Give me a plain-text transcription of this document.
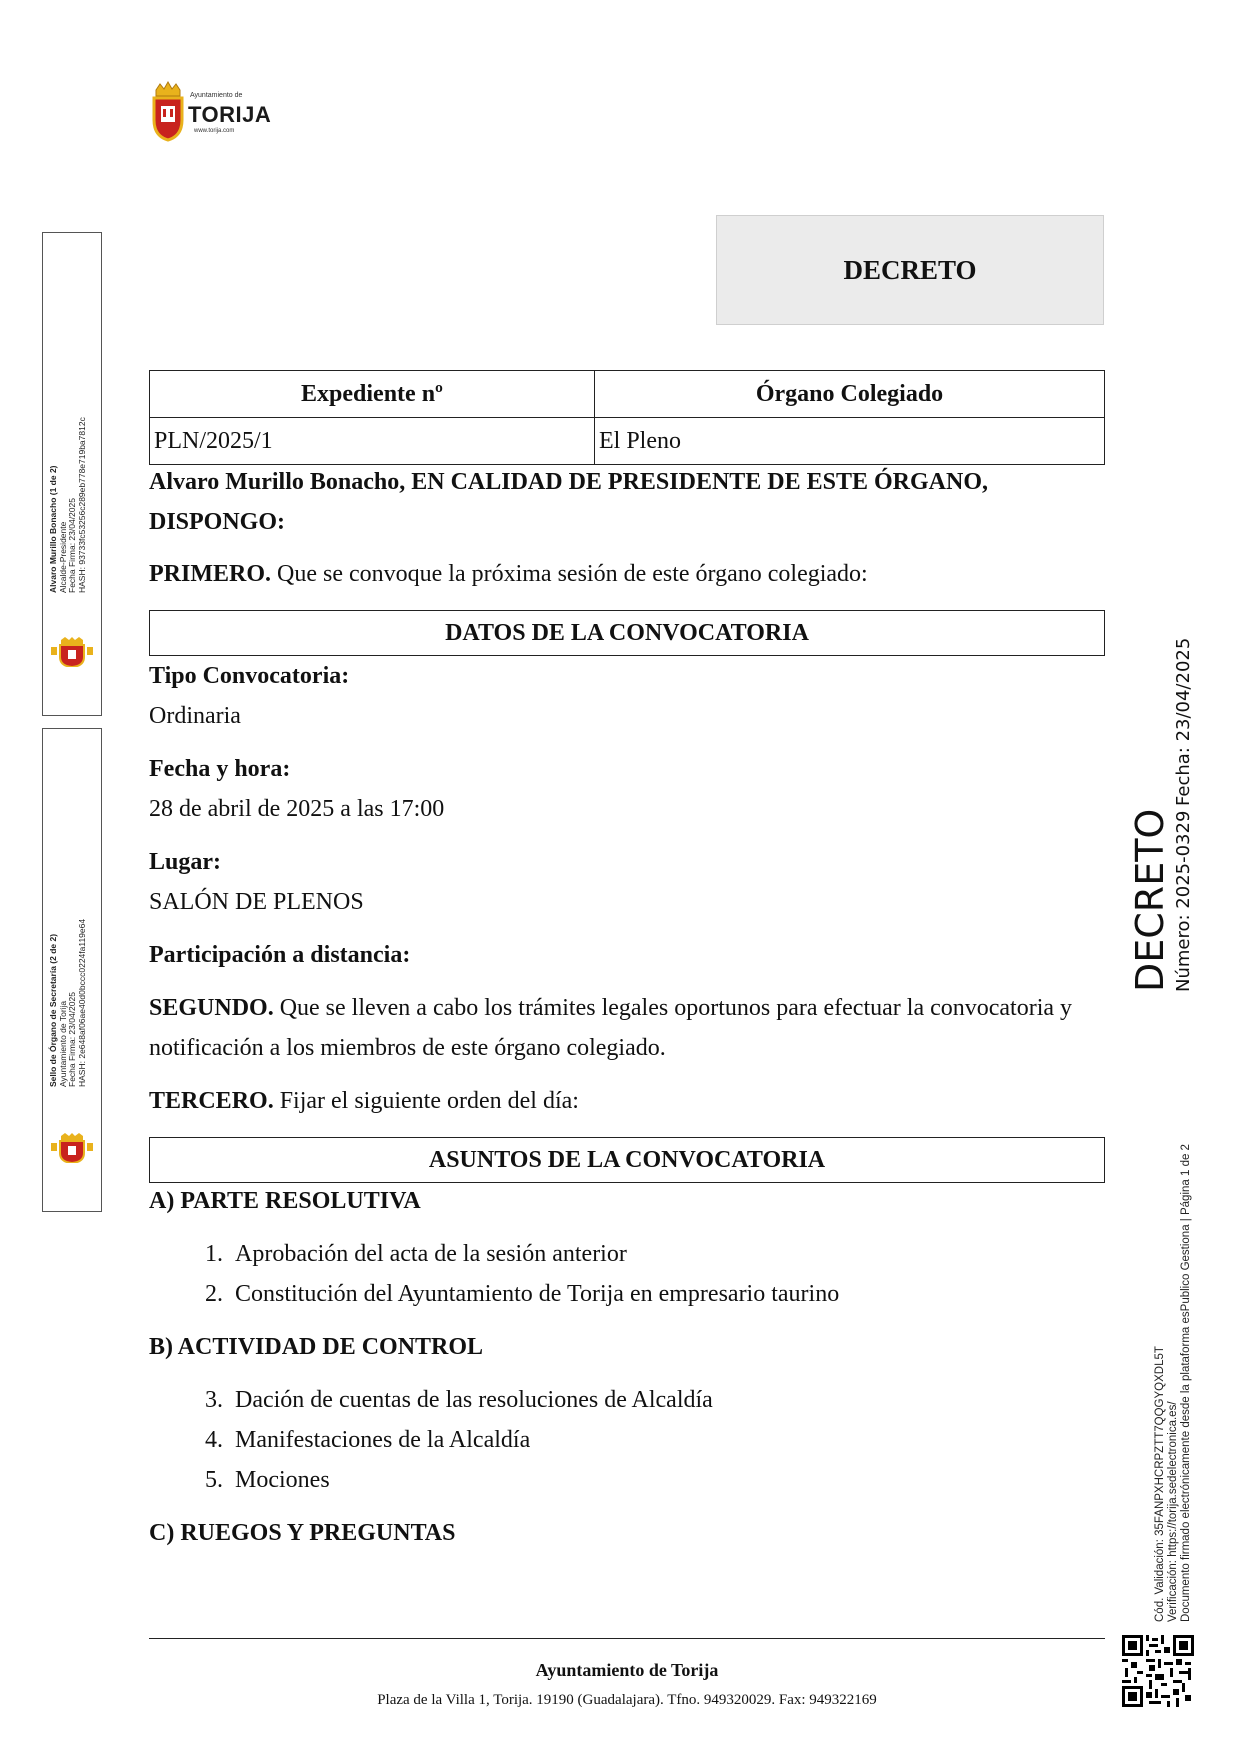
Ayuntamiento de
TORIJA
www.torija.com
DECRETO
Expediente nº	Órgano Colegiado
PLN/2025/1	El Pleno
Alvaro Murillo Bonacho, EN CALIDAD DE PRESIDENTE DE ESTE ÓRGANO,
DISPONGO:
PRIMERO. Que se convoque la próxima sesión de este órgano colegiado:
DATOS DE LA CONVOCATORIA
Tipo Convocatoria:
Ordinaria
Fecha y hora:
28 de abril de 2025 a las 17:00
Lugar:
SALÓN DE PLENOS
Participación a distancia:
SEGUNDO. Que se lleven a cabo los trámites legales oportunos para efectuar la convocatoria y notificación a los miembros de este órgano colegiado.
TERCERO. Fijar el siguiente orden del día:
ASUNTOS DE LA CONVOCATORIA
A) PARTE RESOLUTIVA
1. Aprobación del acta de la sesión anterior
2. Constitución del Ayuntamiento de Torija en empresario taurino
B) ACTIVIDAD DE CONTROL
3. Dación de cuentas de las resoluciones de Alcaldía
4. Manifestaciones de la Alcaldía
5. Mociones
C) RUEGOS Y PREGUNTAS
Ayuntamiento de Torija
Plaza de la Villa 1, Torija. 19190 (Guadalajara). Tfno. 949320029. Fax: 949322169
Alvaro Murillo Bonacho (1 de 2) Alcalde-Presidente Fecha Firma: 23/04/2025 HASH: 93733fc53256c289eb778e719ba7812c
Sello de Órgano de Secretaría (2 de 2) Ayuntamiento de Torija Fecha Firma: 23/04/2025 HASH: 2e648af06ae40d0bccc0224fa119e64
DECRETO Número: 2025-0329
Fecha: 23/04/2025
Cód. Validación: 35FANPXHCRPZTT7QQGYQXDL5T Verificación: https://torija.sedelectronica.es/ Documento firmado electrónicamente desde la plataforma esPublico Gestiona | Página 1 de 2
